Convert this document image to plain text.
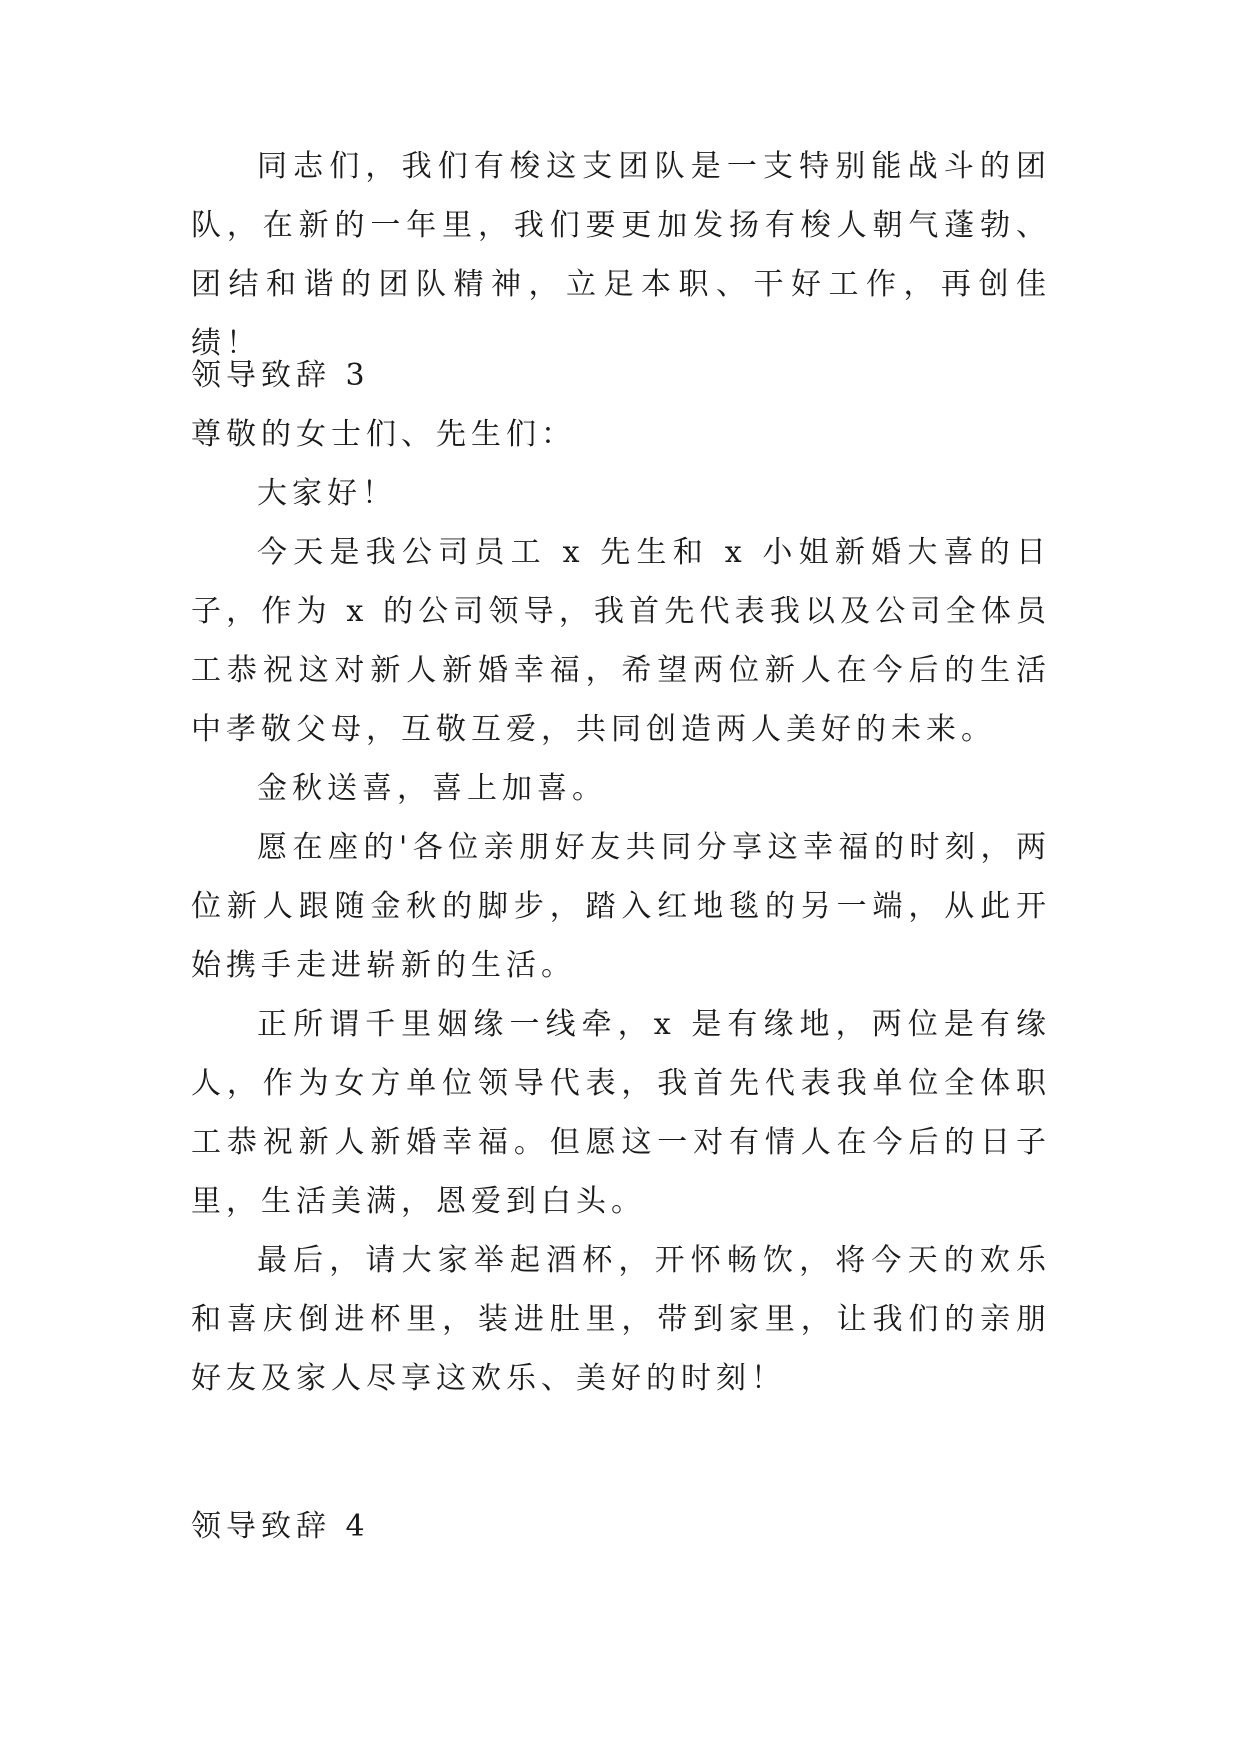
同志们，我们有梭这支团队是一支特别能战斗的团队，在新的一年里，我们要更加发扬有梭人朝气蓬勃、团结和谐的团队精神，立足本职、干好工作，再创佳绩！

领导致辞 3

尊敬的女士们、先生们：

大家好！

今天是我公司员工 x 先生和 x 小姐新婚大喜的日子，作为 x 的公司领导，我首先代表我以及公司全体员工恭祝这对新人新婚幸福，希望两位新人在今后的生活中孝敬父母，互敬互爱，共同创造两人美好的未来。

金秋送喜，喜上加喜。

愿在座的'各位亲朋好友共同分享这幸福的时刻，两位新人跟随金秋的脚步，踏入红地毯的另一端，从此开始携手走进崭新的生活。

正所谓千里姻缘一线牵，x 是有缘地，两位是有缘人，作为女方单位领导代表，我首先代表我单位全体职工恭祝新人新婚幸福。但愿这一对有情人在今后的日子里，生活美满，恩爱到白头。

最后，请大家举起酒杯，开怀畅饮，将今天的欢乐和喜庆倒进杯里，装进肚里，带到家里，让我们的亲朋好友及家人尽享这欢乐、美好的时刻！

领导致辞 4
